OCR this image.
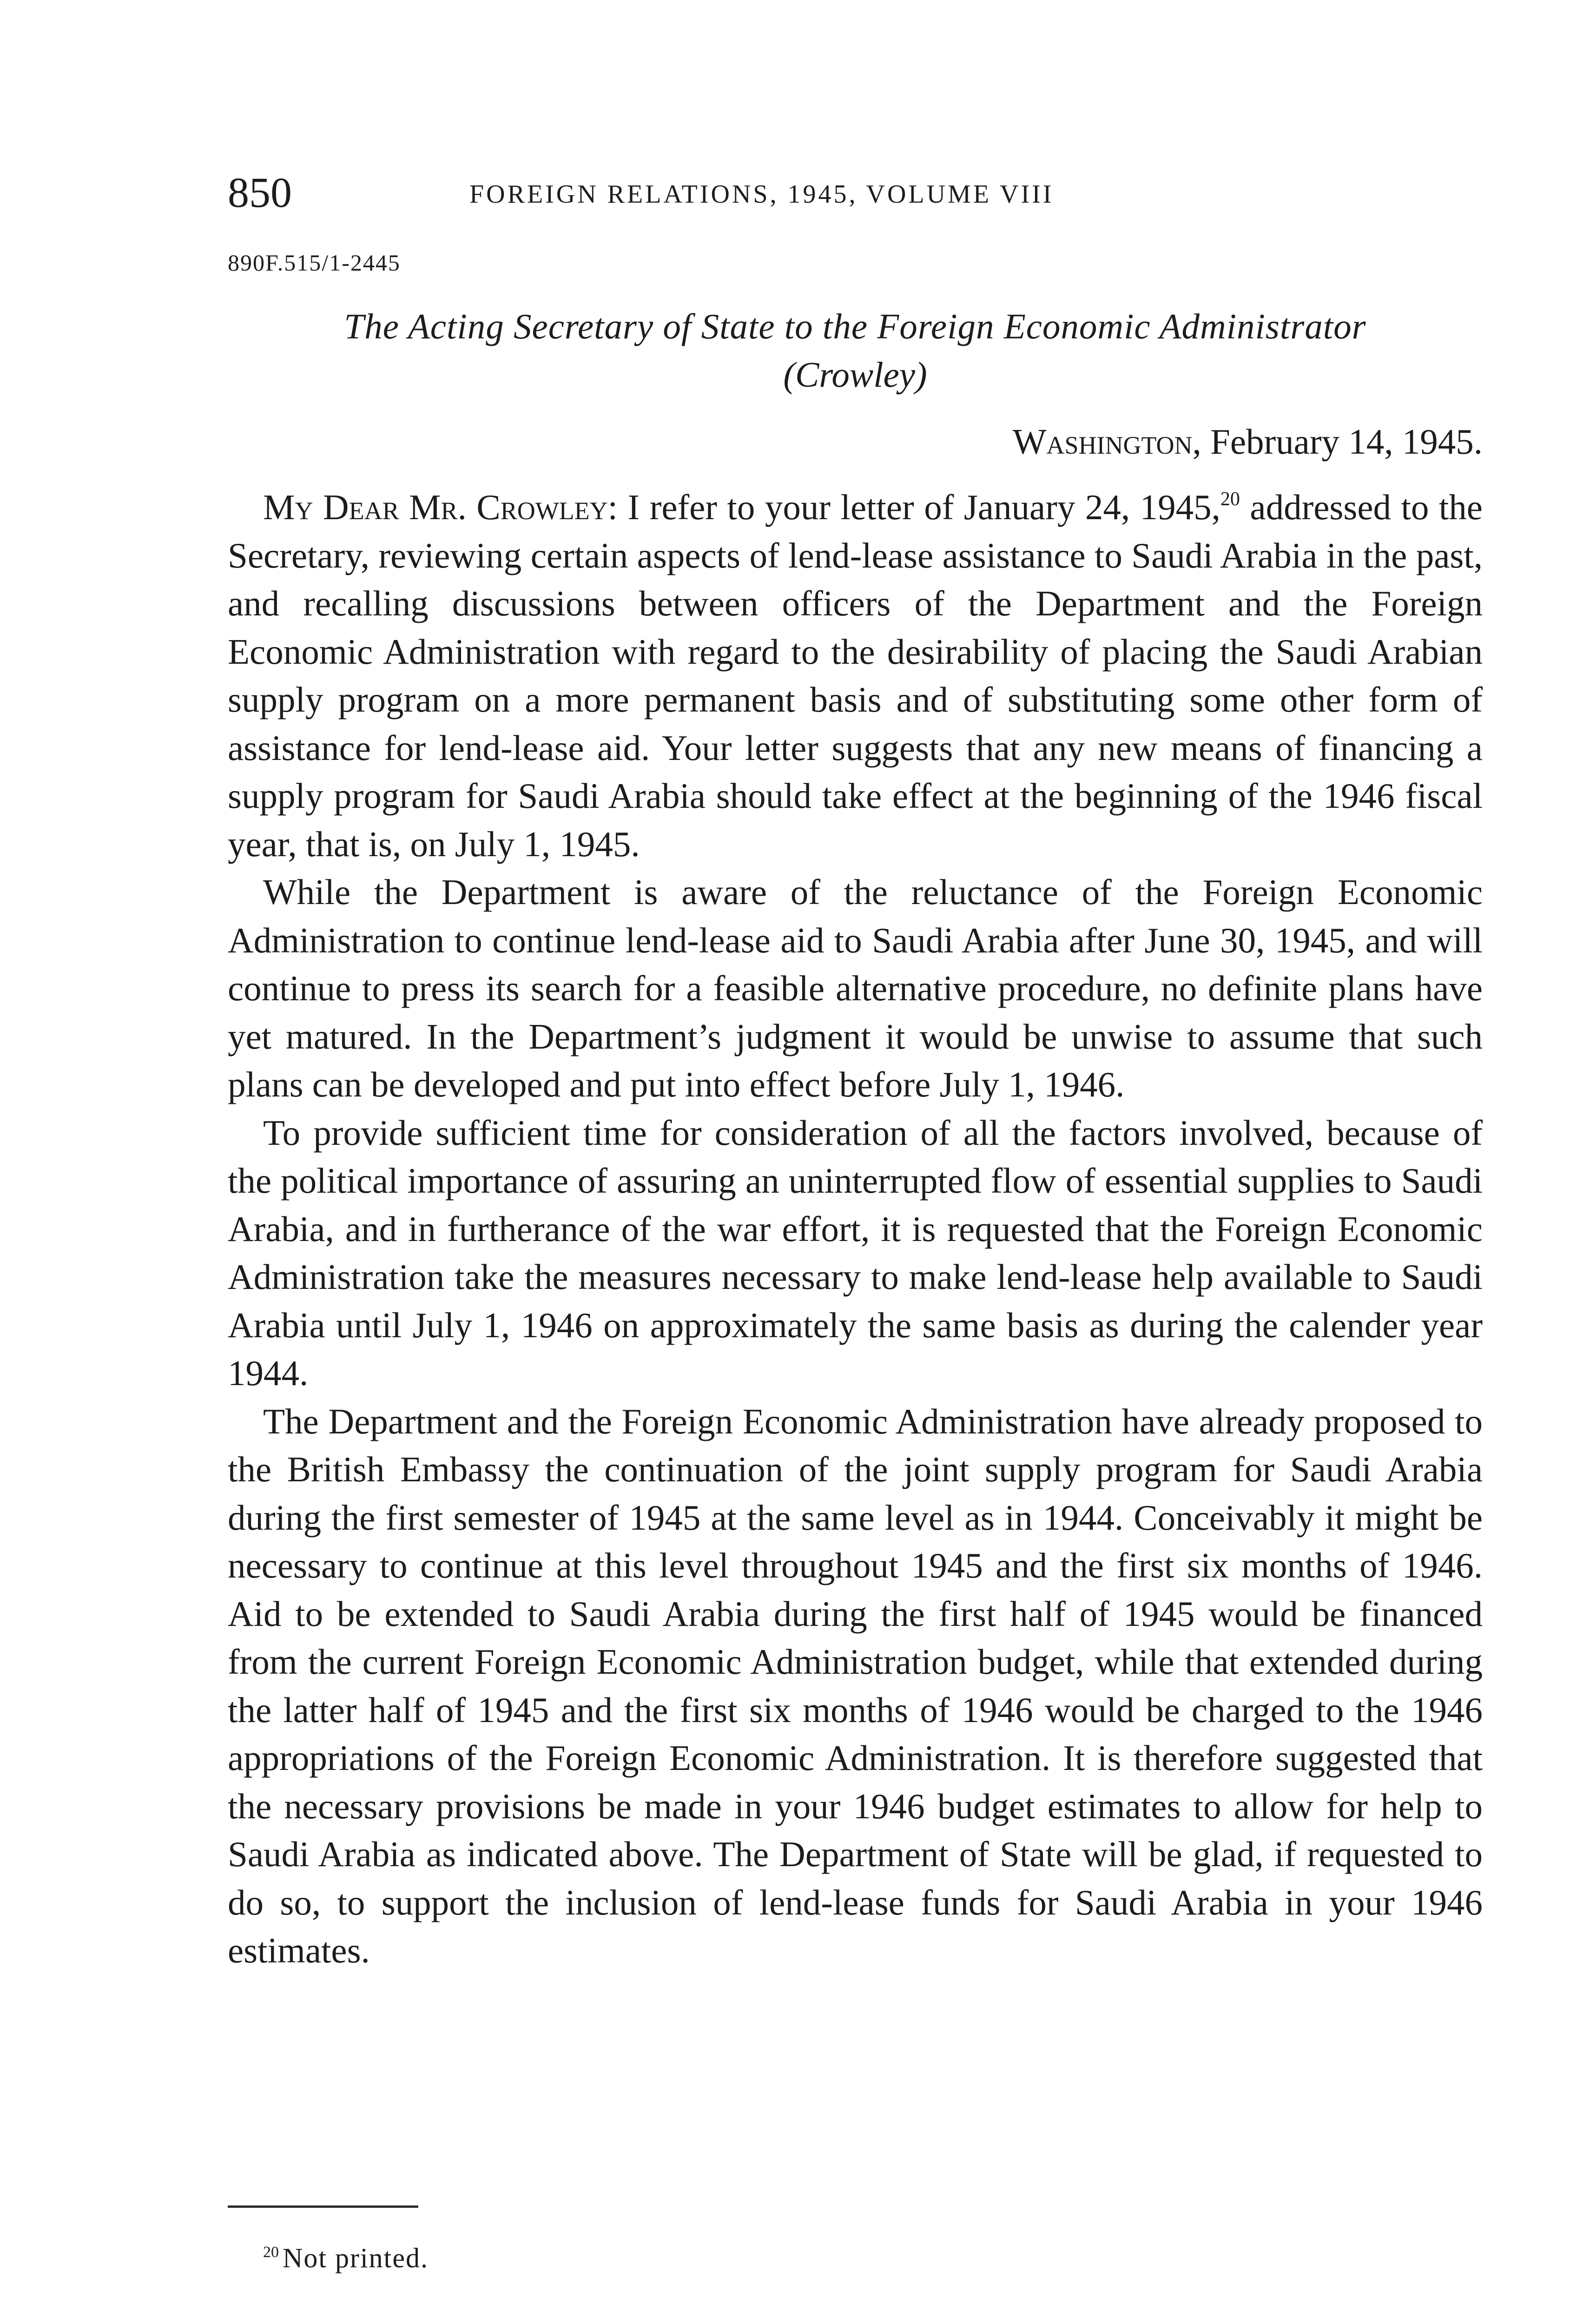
850	FOREIGN RELATIONS, 1945, VOLUME VIII
890F.515/1-2445
The Acting Secretary of State to the Foreign Economic Administrator
(Crowley)
Washington, February 14, 1945.

My Dear Mr. Crowley: I refer to your letter of January 24, 1945,20 addressed to the Secretary, reviewing certain aspects of lend-lease assistance to Saudi Arabia in the past, and recalling discussions between officers of the Department and the Foreign Economic Administration with regard to the desirability of placing the Saudi Arabian supply program on a more permanent basis and of substituting some other form of assistance for lend-lease aid. Your letter suggests that any new means of financing a supply program for Saudi Arabia should take effect at the beginning of the 1946 fiscal year, that is, on July 1, 1945.

While the Department is aware of the reluctance of the Foreign Economic Administration to continue lend-lease aid to Saudi Arabia after June 30, 1945, and will continue to press its search for a feasible alternative procedure, no definite plans have yet matured. In the Department’s judgment it would be unwise to assume that such plans can be developed and put into effect before July 1, 1946.

To provide sufficient time for consideration of all the factors involved, because of the political importance of assuring an uninterrupted flow of essential supplies to Saudi Arabia, and in furtherance of the war effort, it is requested that the Foreign Economic Administration take the measures necessary to make lend-lease help available to Saudi Arabia until July 1, 1946 on approximately the same basis as during the calender year 1944.

The Department and the Foreign Economic Administration have already proposed to the British Embassy the continuation of the joint supply program for Saudi Arabia during the first semester of 1945 at the same level as in 1944. Conceivably it might be necessary to continue at this level throughout 1945 and the first six months of 1946. Aid to be extended to Saudi Arabia during the first half of 1945 would be financed from the current Foreign Economic Administration budget, while that extended during the latter half of 1945 and the first six months of 1946 would be charged to the 1946 appropriations of the Foreign Economic Administration. It is therefore suggested that the necessary provisions be made in your 1946 budget estimates to allow for help to Saudi Arabia as indicated above. The Department of State will be glad, if requested to do so, to support the inclusion of lend-lease funds for Saudi Arabia in your 1946 estimates.

$^{20}$ Not printed.
